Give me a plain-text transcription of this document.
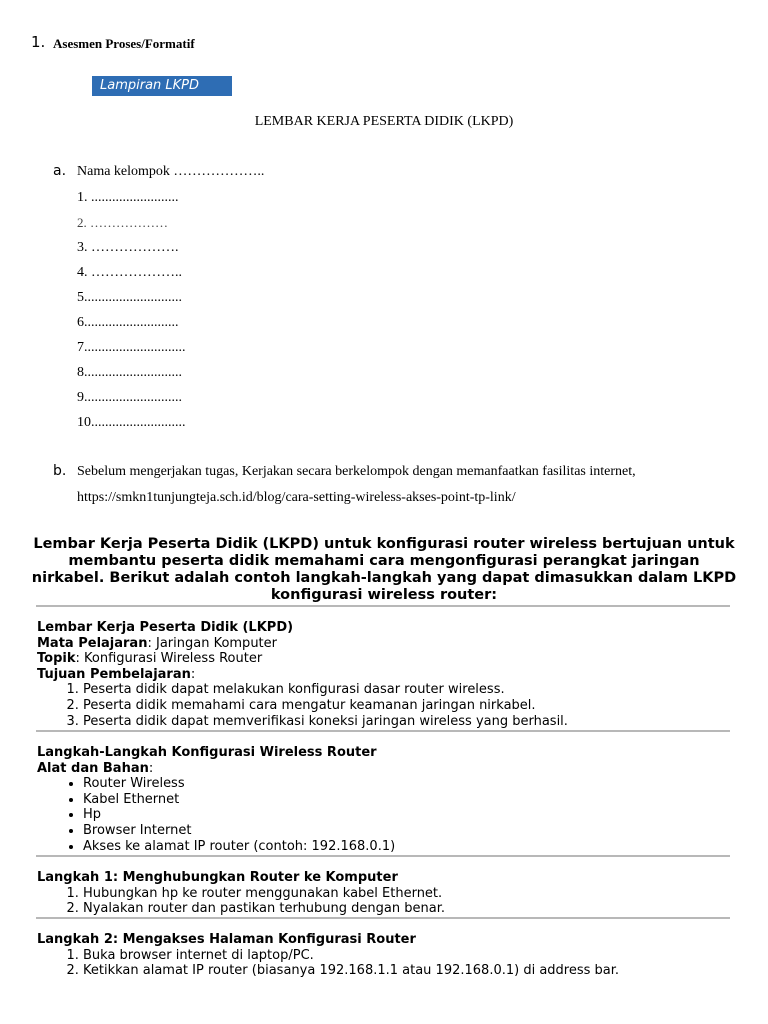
1. Asesmen Proses/Formatif
Lampiran LKPD
LEMBAR KERJA PESERTA DIDIK (LKPD)
a. Nama kelompok ………………..
1. .........................
2. ………………
3. ……………….
4. ………………..
5............................
6...........................
7.............................
8............................
9............................
10...........................
b. Sebelum mengerjakan tugas, Kerjakan secara berkelompok dengan memanfaatkan fasilitas internet,
https://smkn1tunjungteja.sch.id/blog/cara-setting-wireless-akses-point-tp-link/
Lembar Kerja Peserta Didik (LKPD) untuk konfigurasi router wireless bertujuan untuk membantu peserta didik memahami cara mengonfigurasi perangkat jaringan nirkabel. Berikut adalah contoh langkah-langkah yang dapat dimasukkan dalam LKPD konfigurasi wireless router:
Lembar Kerja Peserta Didik (LKPD)
Mata Pelajaran: Jaringan Komputer
Topik: Konfigurasi Wireless Router
Tujuan Pembelajaran:
1. Peserta didik dapat melakukan konfigurasi dasar router wireless.
2. Peserta didik memahami cara mengatur keamanan jaringan nirkabel.
3. Peserta didik dapat memverifikasi koneksi jaringan wireless yang berhasil.
Langkah-Langkah Konfigurasi Wireless Router
Alat dan Bahan:
• Router Wireless
• Kabel Ethernet
• Hp
• Browser Internet
• Akses ke alamat IP router (contoh: 192.168.0.1)
Langkah 1: Menghubungkan Router ke Komputer
1. Hubungkan hp ke router menggunakan kabel Ethernet.
2. Nyalakan router dan pastikan terhubung dengan benar.
Langkah 2: Mengakses Halaman Konfigurasi Router
1. Buka browser internet di laptop/PC.
2. Ketikkan alamat IP router (biasanya 192.168.1.1 atau 192.168.0.1) di address bar.
